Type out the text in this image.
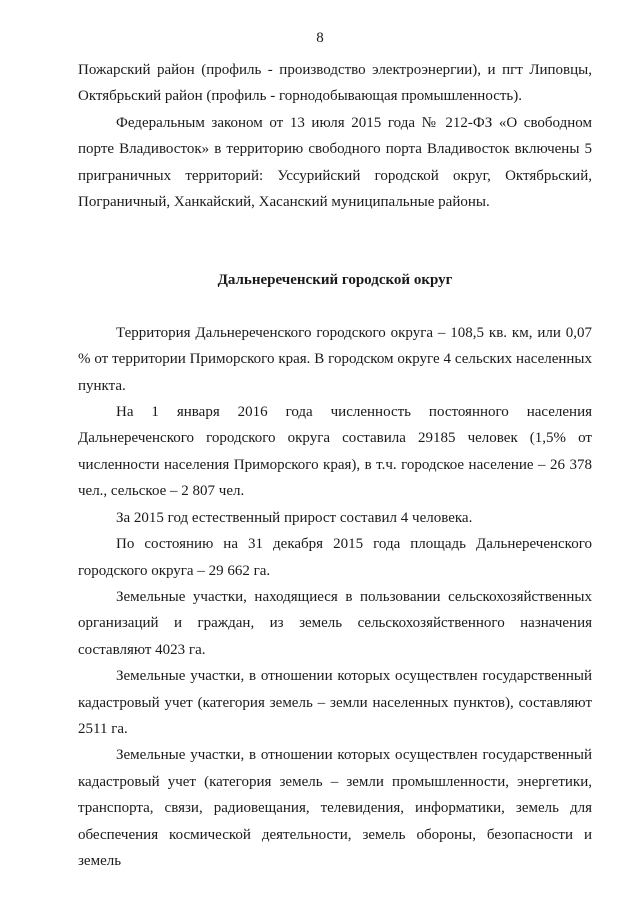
8

Пожарский район (профиль - производство электроэнергии), и пгт Липовцы, Октябрьский район (профиль - горнодобывающая промышленность).

Федеральным законом от 13 июля 2015 года № 212-ФЗ «О свободном порте Владивосток» в территорию свободного порта Владивосток включены 5 приграничных территорий: Уссурийский городской округ, Октябрьский, Пограничный, Ханкайский, Хасанский муниципальные районы.

Дальнереченский городской округ

Территория Дальнереченского городского округа – 108,5 кв. км, или 0,07 % от территории Приморского края. В городском округе 4 сельских населенных пункта.

На 1 января 2016 года численность постоянного населения Дальнереченского городского округа составила 29185 человек (1,5% от численности населения Приморского края), в т.ч. городское население – 26 378 чел., сельское – 2 807 чел.

За 2015 год естественный прирост составил 4 человека.

По состоянию на 31 декабря 2015 года площадь Дальнереченского городского округа – 29 662 га.

Земельные участки, находящиеся в пользовании сельскохозяйственных организаций и граждан, из земель сельскохозяйственного назначения составляют 4023 га.

Земельные участки, в отношении которых осуществлен государственный кадастровый учет (категория земель – земли населенных пунктов), составляют 2511 га.

Земельные участки, в отношении которых осуществлен государственный кадастровый учет (категория земель – земли промышленности, энергетики, транспорта, связи, радиовещания, телевидения, информатики, земель для обеспечения космической деятельности, земель обороны, безопасности и земель
